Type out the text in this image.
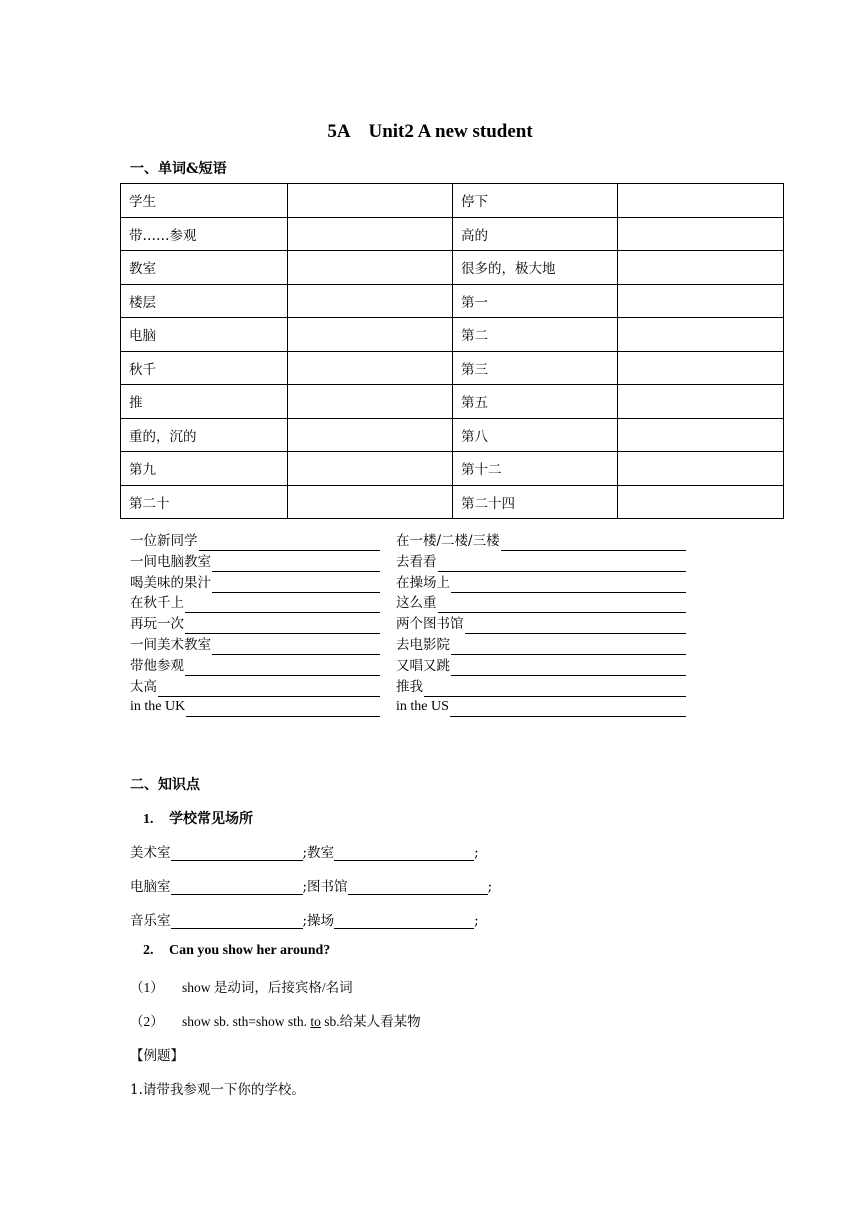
5A　Unit2 A new student
一、单词&短语
学生		停下	
带……参观		高的	
教室		很多的，极大地	
楼层		第一	
电脑		第二	
秋千		第三	
推		第五	
重的，沉的		第八	
第九		第十二	
第二十		第二十四	
一位新同学	在一楼/二楼/三楼
一间电脑教室	去看看
喝美味的果汁	在操场上
在秋千上	这么重
再玩一次	两个图书馆
一间美术教室	去电影院
带他参观	又唱又跳
太高	推我
in the UK	in the US
二、知识点
1. 学校常见场所
美术室	;教室	;
电脑室	;图书馆	;
音乐室	;操场	;
2. Can you show her around?
（1） show 是动词，后接宾格/名词
（2） show sb. sth=show sth. to sb.给某人看某物
【例题】
1.请带我参观一下你的学校。
